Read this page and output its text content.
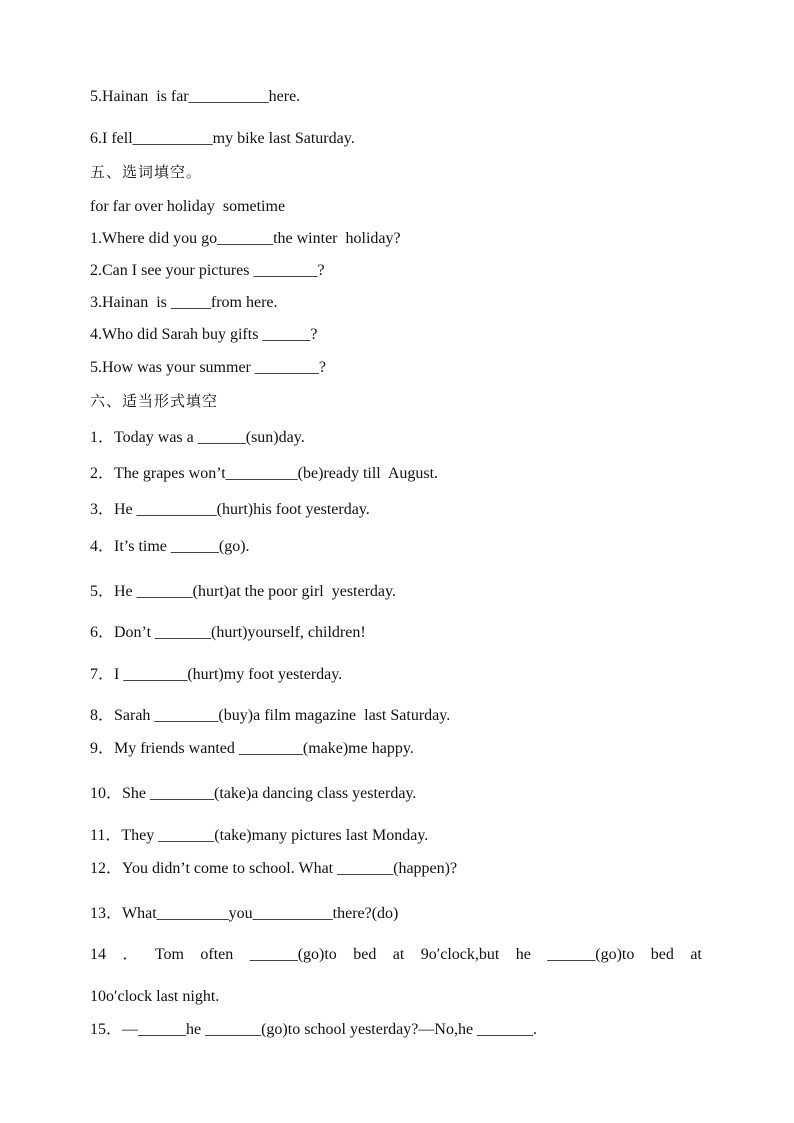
5.Hainan  is far__________here.
6.I fell__________my bike last Saturday.
五、选词填空。
for far over holiday  sometime
1.Where did you go_______the winter  holiday?
2.Can I see your pictures ________?
3.Hainan  is _____from here.
4.Who did Sarah buy gifts ______?
5.How was your summer ________?
六、适当形式填空
1．Today was a ______(sun)day.
2．The grapes won’t_________(be)ready till  August.
3．He __________(hurt)his foot yesterday.
4．It’s time ______(go).
5．He _______(hurt)at the poor girl  yesterday.
6．Don’t _______(hurt)yourself, children!
7．I ________(hurt)my foot yesterday.
8．Sarah ________(buy)a film magazine  last Saturday.
9．My friends wanted ________(make)me happy.
10．She ________(take)a dancing class yesterday.
11．They _______(take)many pictures last Monday.
12．You didn’t come to school. What _______(happen)?
13．What_________you__________there?(do)
14 ． Tom often ______(go)to bed at 9o′clock,but he ______(go)to bed at
10o′clock last night.
15．—______he _______(go)to school yesterday?—No,he _______.
